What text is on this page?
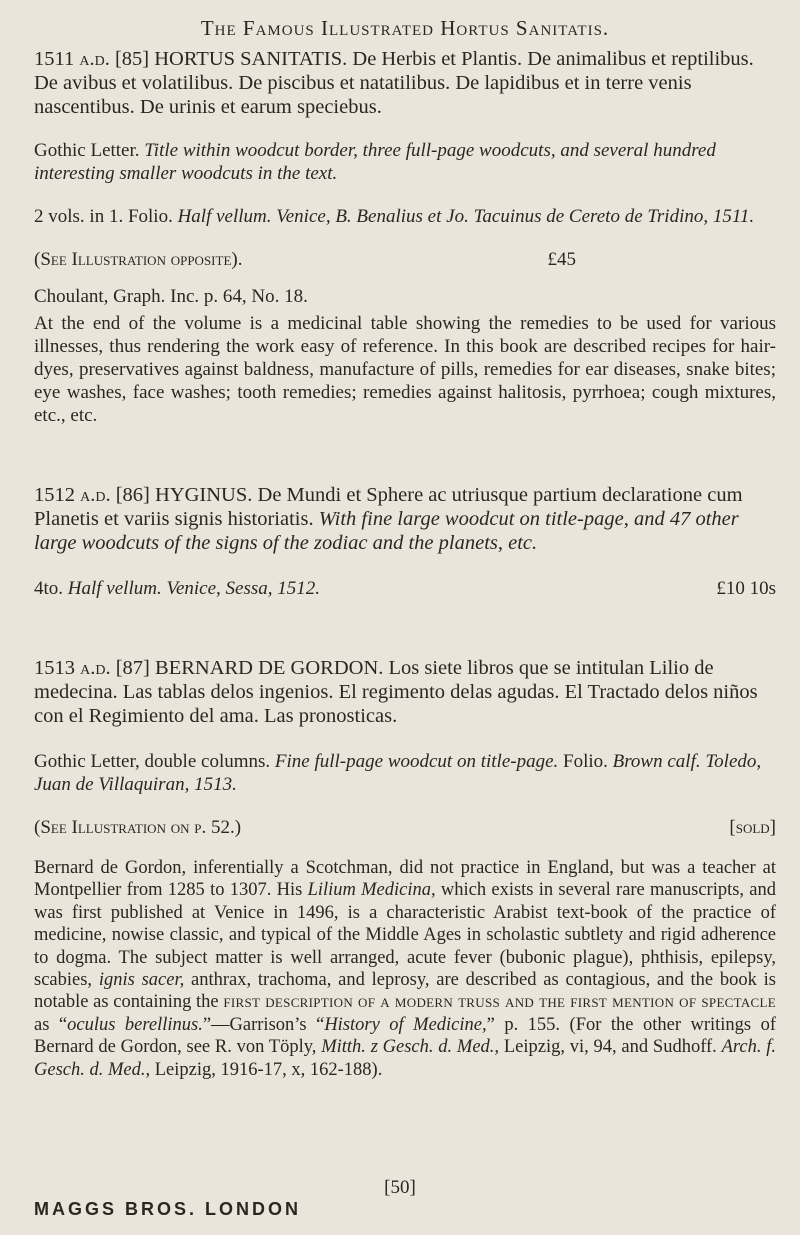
The Famous Illustrated Hortus Sanitatis.

1511 a.d. [85] HORTUS SANITATIS. De Herbis et Plantis. De animalibus et reptilibus. De avibus et volatilibus. De piscibus et natatilibus. De lapidibus et in terre venis nascentibus. De urinis et earum speciebus.

Gothic Letter. Title within woodcut border, three full-page woodcuts, and several hundred interesting smaller woodcuts in the text.

2 vols. in 1. Folio. Half vellum. Venice, B. Benalius et Jo. Tacuinus de Cereto de Tridino, 1511.

(See Illustration opposite).	£45

Choulant, Graph. Inc. p. 64, No. 18.

At the end of the volume is a medicinal table showing the remedies to be used for various illnesses, thus rendering the work easy of reference. In this book are described recipes for hair-dyes, preservatives against baldness, manufacture of pills, remedies for ear diseases, snake bites; eye washes, face washes; tooth remedies; remedies against halitosis, pyrrhoea; cough mixtures, etc., etc.

1512 a.d. [86] HYGINUS. De Mundi et Sphere ac utriusque partium declaratione cum Planetis et variis signis historiatis. With fine large woodcut on title-page, and 47 other large woodcuts of the signs of the zodiac and the planets, etc.

4to. Half vellum. Venice, Sessa, 1512.	£10 10s

1513 a.d. [87] BERNARD DE GORDON. Los siete libros que se intitulan Lilio de medecina. Las tablas delos ingenios. El regimento delas agudas. El Tractado delos niños con el Regimiento del ama. Las pronosticas.

Gothic Letter, double columns. Fine full-page woodcut on title-page. Folio. Brown calf. Toledo, Juan de Villaquiran, 1513.

(See Illustration on p. 52.)	[sold]

Bernard de Gordon, inferentially a Scotchman, did not practice in England, but was a teacher at Montpellier from 1285 to 1307. His Lilium Medicina, which exists in several rare manuscripts, and was first published at Venice in 1496, is a characteristic Arabist text-book of the practice of medicine, nowise classic, and typical of the Middle Ages in scholastic subtlety and rigid adherence to dogma. The subject matter is well arranged, acute fever (bubonic plague), phthisis, epilepsy, scabies, ignis sacer, anthrax, trachoma, and leprosy, are described as contagious, and the book is notable as containing the first description of a modern truss and the first mention of spectacle as “oculus berellinus.”—Garrison’s “History of Medicine,” p. 155. (For the other writings of Bernard de Gordon, see R. von Töply, Mitth. z Gesch. d. Med., Leipzig, vi, 94, and Sudhoff. Arch. f. Gesch. d. Med., Leipzig, 1916-17, x, 162-188).

[50]
MAGGS BROS. LONDON
